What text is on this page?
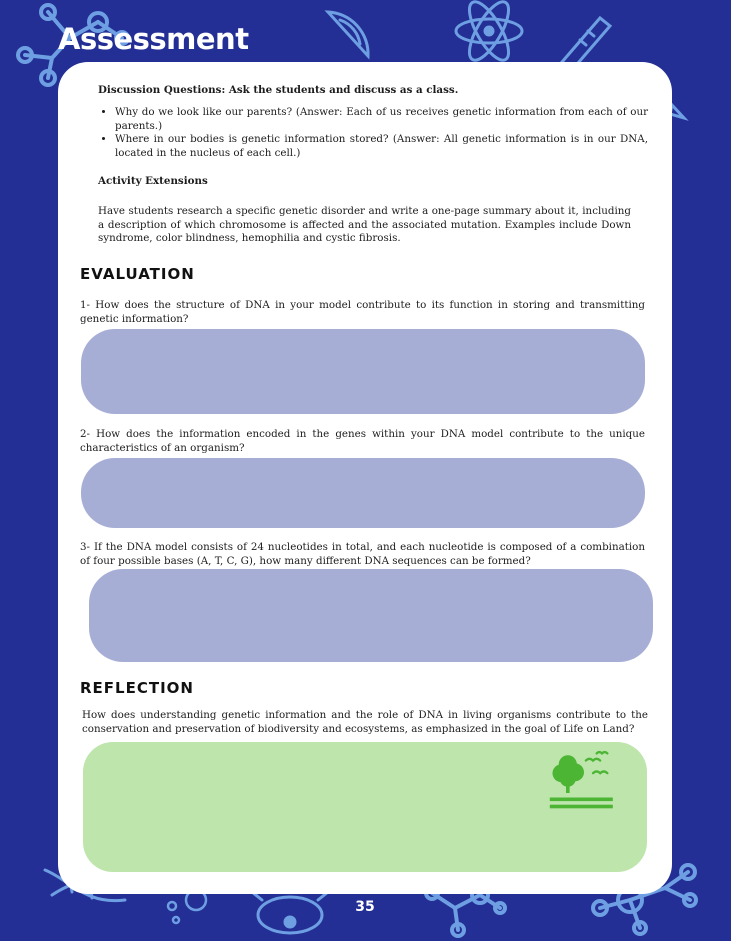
Assessment

Discussion Questions: Ask the students and discuss as a class.

• Why do we look like our parents? (Answer: Each of us receives genetic information from each of our parents.)
• Where in our bodies is genetic information stored? (Answer: All genetic information is in our DNA, located in the nucleus of each cell.)

Activity Extensions

Have students research a specific genetic disorder and write a one-page summary about it, including a description of which chromosome is affected and the associated mutation. Examples include Down syndrome, color blindness, hemophilia and cystic fibrosis.

EVALUATION

1- How does the structure of DNA in your model contribute to its function in storing and transmitting genetic information?

2- How does the information encoded in the genes within your DNA model contribute to the unique characteristics of an organism?

3- If the DNA model consists of 24 nucleotides in total, and each nucleotide is composed of a combination of four possible bases (A, T, C, G), how many different DNA sequences can be formed?

REFLECTION

How does understanding genetic information and the role of DNA in living organisms contribute to the conservation and preservation of biodiversity and ecosystems, as emphasized in the goal of Life on Land?

35
